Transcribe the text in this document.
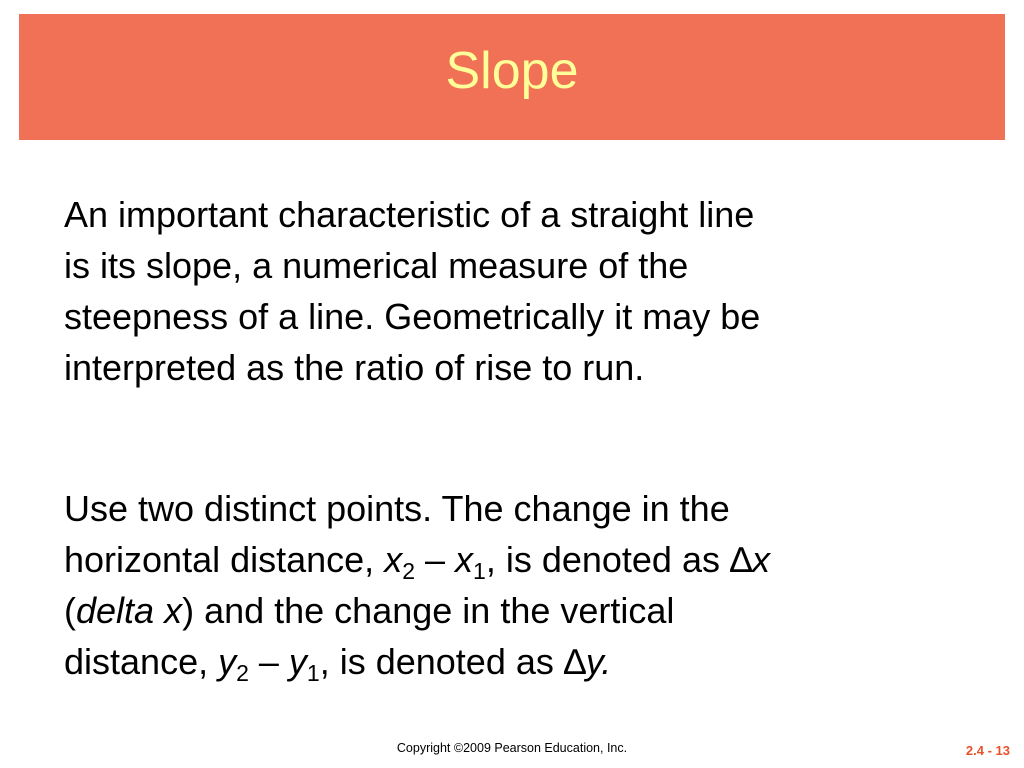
Slope
An important characteristic of a straight line
is its slope, a numerical measure of the
steepness of a line. Geometrically it may be
interpreted as the ratio of rise to run.
Use two distinct points. The change in the
horizontal distance, $x_2 - x_1$, is denoted as ∆x
(delta x) and the change in the vertical
distance, $y_2 - y_1$, is denoted as ∆y.
Copyright ©2009 Pearson Education, Inc.	2.4 - 13
